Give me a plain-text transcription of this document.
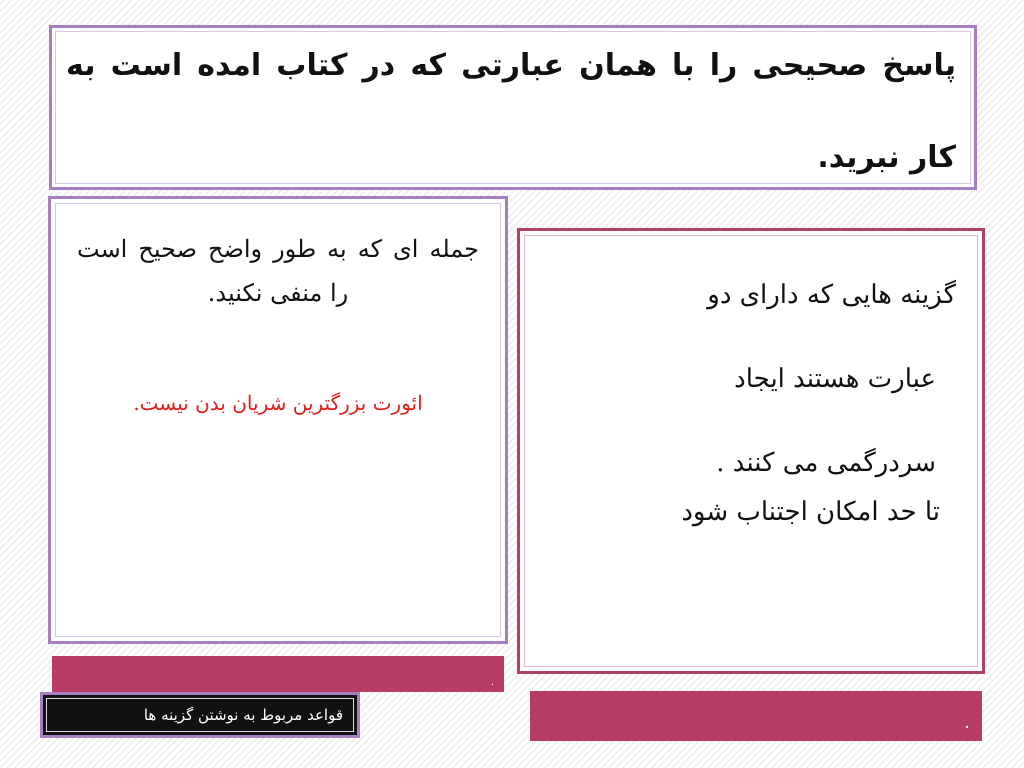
پاسخ صحیحی را با همان عبارتی که در کتاب امده است به کار نبرید.
جمله ای که به طور واضح صحیح است را منفی نکنید.
ائورت بزرگترین شریان بدن نیست.
گزینه هایی که دارای دو
عبارت هستند ایجاد
سردرگمی می کنند .
تا حد امکان اجتناب شود
.
.
قواعد مربوط به نوشتن گزینه ها
